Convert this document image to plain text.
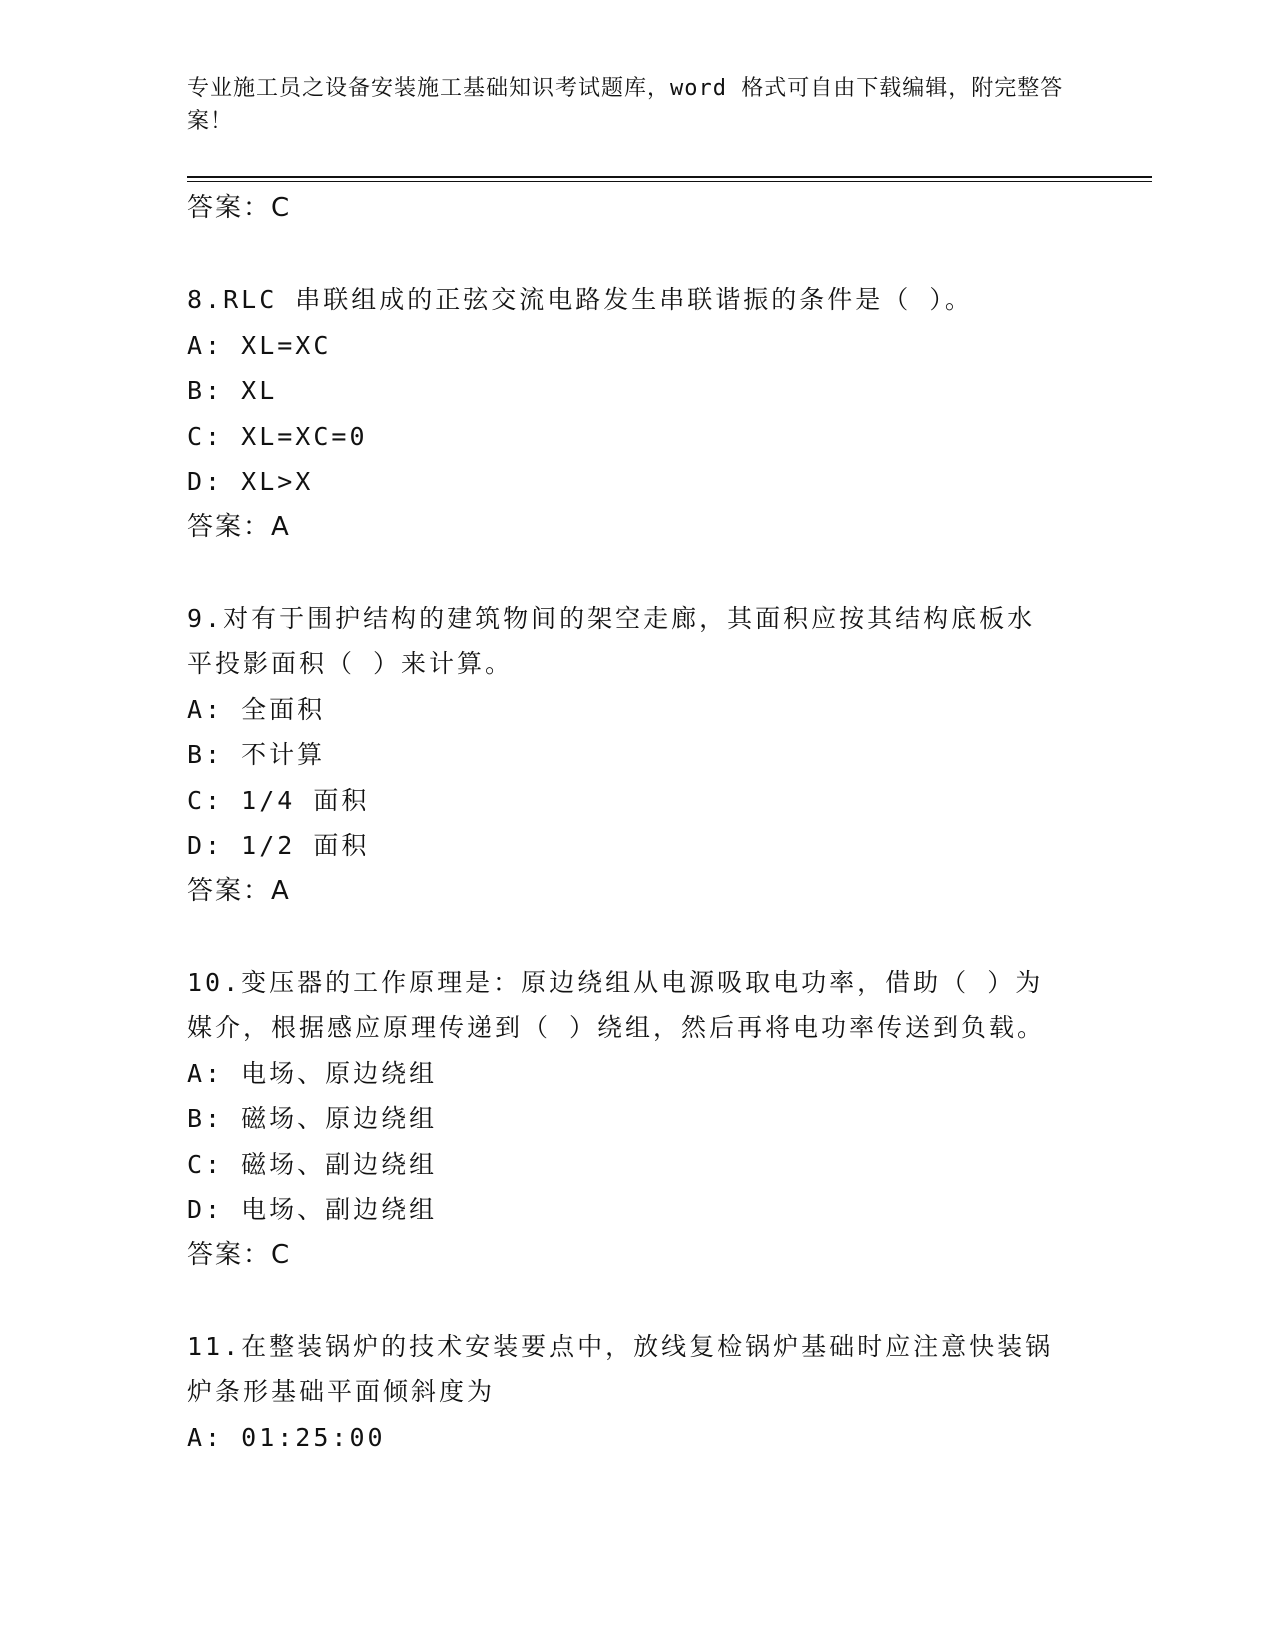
专业施工员之设备安装施工基础知识考试题库，word 格式可自由下载编辑，附完整答案！
答案：C
8.RLC 串联组成的正弦交流电路发生串联谐振的条件是（ ）。
A: XL=XC
B: XL
C: XL=XC=0
D: XL>X
答案：A
9.对有于围护结构的建筑物间的架空走廊，其面积应按其结构底板水
平投影面积（ ）来计算。
A: 全面积
B: 不计算
C: 1/4 面积
D: 1/2 面积
答案：A
10.变压器的工作原理是：原边绕组从电源吸取电功率，借助（ ）为
媒介，根据感应原理传递到（ ）绕组，然后再将电功率传送到负载。
A: 电场、原边绕组
B: 磁场、原边绕组
C: 磁场、副边绕组
D: 电场、副边绕组
答案：C
11.在整装锅炉的技术安装要点中，放线复检锅炉基础时应注意快装锅
炉条形基础平面倾斜度为
A: 01:25:00
